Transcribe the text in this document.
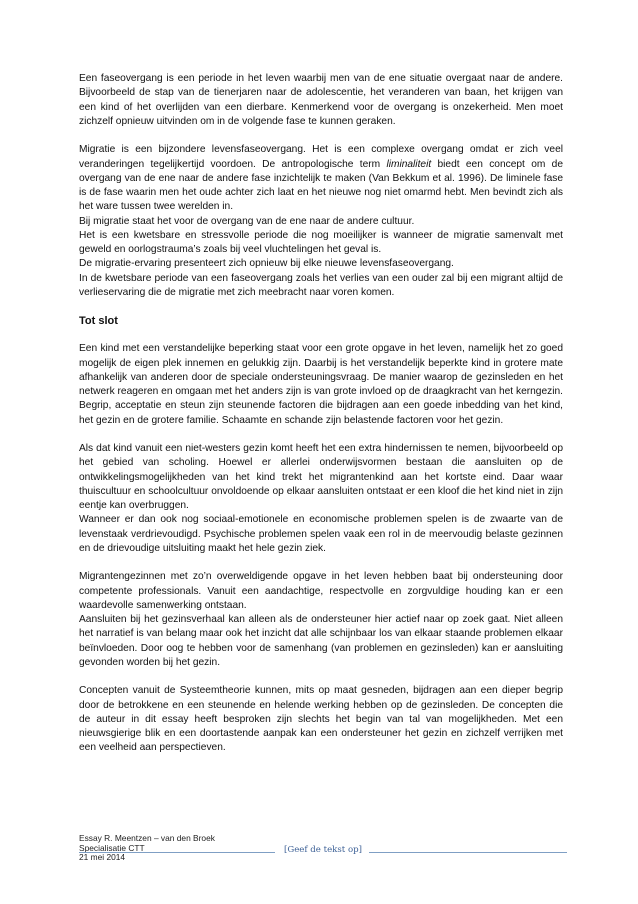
Een faseovergang is een periode in het leven waarbij men van de ene situatie overgaat naar de andere. Bijvoorbeeld de stap van de tienerjaren naar de adolescentie, het veranderen van baan, het krijgen van een kind of het overlijden van een dierbare. Kenmerkend voor de overgang is onzekerheid. Men moet zichzelf opnieuw uitvinden om in de volgende fase te kunnen geraken.

Migratie is een bijzondere levensfaseovergang. Het is een complexe overgang omdat er zich veel veranderingen tegelijkertijd voordoen. De antropologische term liminaliteit biedt een concept om de overgang van de ene naar de andere fase inzichtelijk te maken (Van Bekkum et al. 1996). De liminele fase is de fase waarin men het oude achter zich laat en het nieuwe nog niet omarmd hebt. Men bevindt zich als het ware tussen twee werelden in.

Bij migratie staat het voor de overgang van de ene naar de andere cultuur.

Het is een kwetsbare en stressvolle periode die nog moeilijker is wanneer de migratie samenvalt met geweld en oorlogstrauma’s zoals bij veel vluchtelingen het geval is.

De migratie-ervaring presenteert zich opnieuw bij elke nieuwe levensfaseovergang.

In de kwetsbare periode van een faseovergang zoals het verlies van een ouder zal bij een migrant altijd de verlieservaring die de migratie met zich meebracht naar voren komen.

Tot slot

Een kind met een verstandelijke beperking staat voor een grote opgave in het leven, namelijk het zo goed mogelijk de eigen plek innemen en gelukkig zijn. Daarbij is het verstandelijk beperkte kind in grotere mate afhankelijk van anderen door de speciale ondersteuningsvraag. De manier waarop de gezinsleden en het netwerk reageren en omgaan met het anders zijn is van grote invloed op de draagkracht van het kerngezin. Begrip, acceptatie en steun zijn steunende factoren die bijdragen aan een goede inbedding van het kind, het gezin en de grotere familie. Schaamte en schande zijn belastende factoren voor het gezin.

Als dat kind vanuit een niet-westers gezin komt heeft het een extra hindernissen te nemen, bijvoorbeeld op het gebied van scholing. Hoewel er allerlei onderwijsvormen bestaan die aansluiten op de ontwikkelingsmogelijkheden van het kind trekt het migrantenkind aan het kortste eind. Daar waar thuiscultuur en schoolcultuur onvoldoende op elkaar aansluiten ontstaat er een kloof die het kind niet in zijn eentje kan overbruggen.

Wanneer er dan ook nog sociaal-emotionele en economische problemen spelen is de zwaarte van de levenstaak verdrievoudigd. Psychische problemen spelen vaak een rol in de meervoudig belaste gezinnen en de drievoudige uitsluiting maakt het hele gezin ziek.

Migrantengezinnen met zo’n overweldigende opgave in het leven hebben baat bij ondersteuning door competente professionals. Vanuit een aandachtige, respectvolle en zorgvuldige houding kan er een waardevolle samenwerking ontstaan.

Aansluiten bij het gezinsverhaal kan alleen als de ondersteuner hier actief naar op zoek gaat. Niet alleen het narratief is van belang maar ook het inzicht dat alle schijnbaar los van elkaar staande problemen elkaar beïnvloeden. Door oog te hebben voor de samenhang (van problemen en gezinsleden) kan er aansluiting gevonden worden bij het gezin.

Concepten vanuit de Systeemtheorie kunnen, mits op maat gesneden, bijdragen aan een dieper begrip door de betrokkene en een steunende en helende werking hebben op de gezinsleden. De concepten die de auteur in dit essay heeft besproken zijn slechts het begin van tal van mogelijkheden. Met een nieuwsgierige blik en een doortastende aanpak kan een ondersteuner het gezin en zichzelf verrijken met een veelheid aan perspectieven.

Essay R. Meentzen – van den Broek
Specialisatie CTT
21 mei 2014
[Geef de tekst op]
